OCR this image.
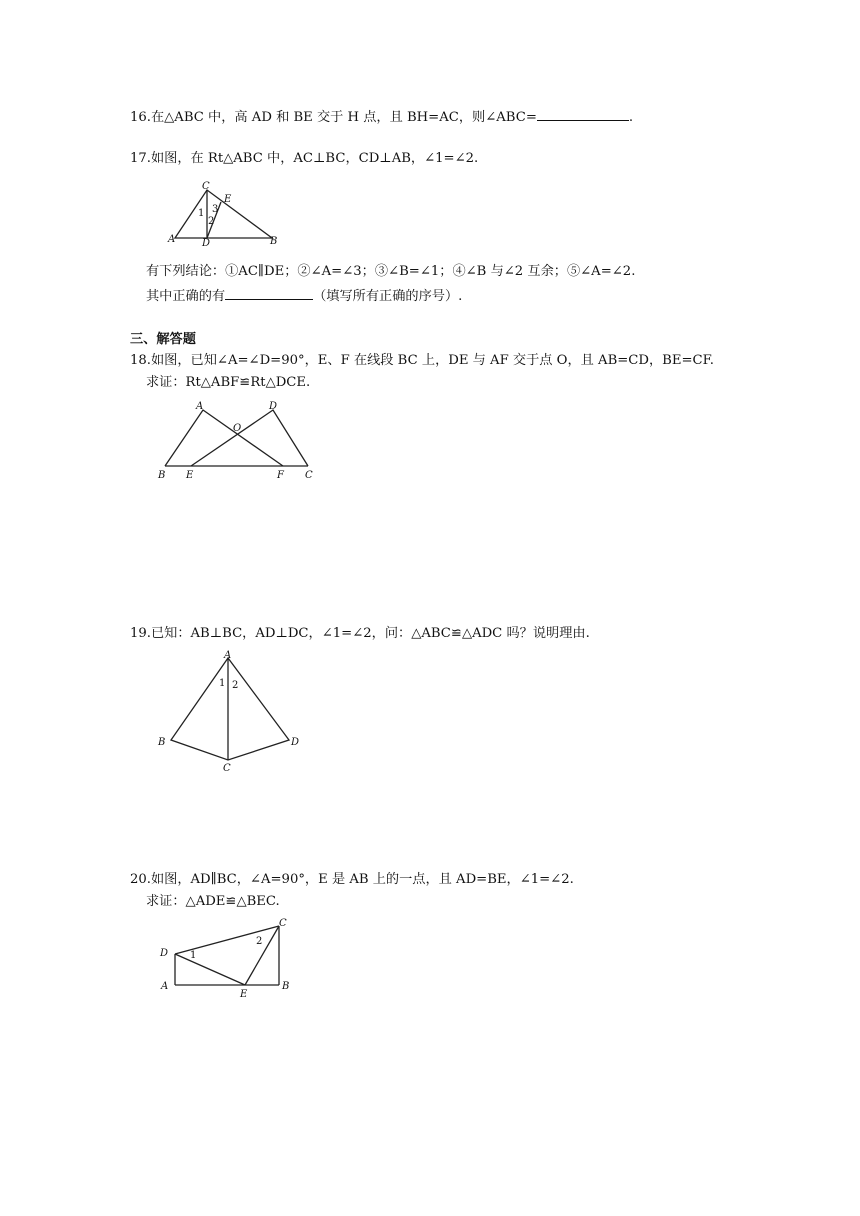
16.在△ABC 中，高 AD 和 BE 交于 H 点，且 BH=AC，则∠ABC=	.
17.如图，在 Rt△ABC 中，AC⊥BC，CD⊥AB，∠1=∠2.
C
E
A	D	B
1
2
3
有下列结论：①AC∥DE；②∠A=∠3；③∠B=∠1；④∠B 与∠2 互余；⑤∠A=∠2.
其中正确的有	（填写所有正确的序号）.
三、解答题
18.如图，已知∠A=∠D=90°，E、F 在线段 BC 上，DE 与 AF 交于点 O，且 AB=CD，BE=CF.
求证：Rt△ABF≌Rt△DCE.
A	D
O
B E	F C
19.已知：AB⊥BC，AD⊥DC，∠1=∠2，问：△ABC≌△ADC 吗？说明理由.
A
B
C
D
1 2
20.如图，AD∥BC，∠A=90°，E 是 AB 上的一点，且 AD=BE，∠1=∠2.
求证：△ADE≌△BEC.
C
D
A
E
B
1
2
